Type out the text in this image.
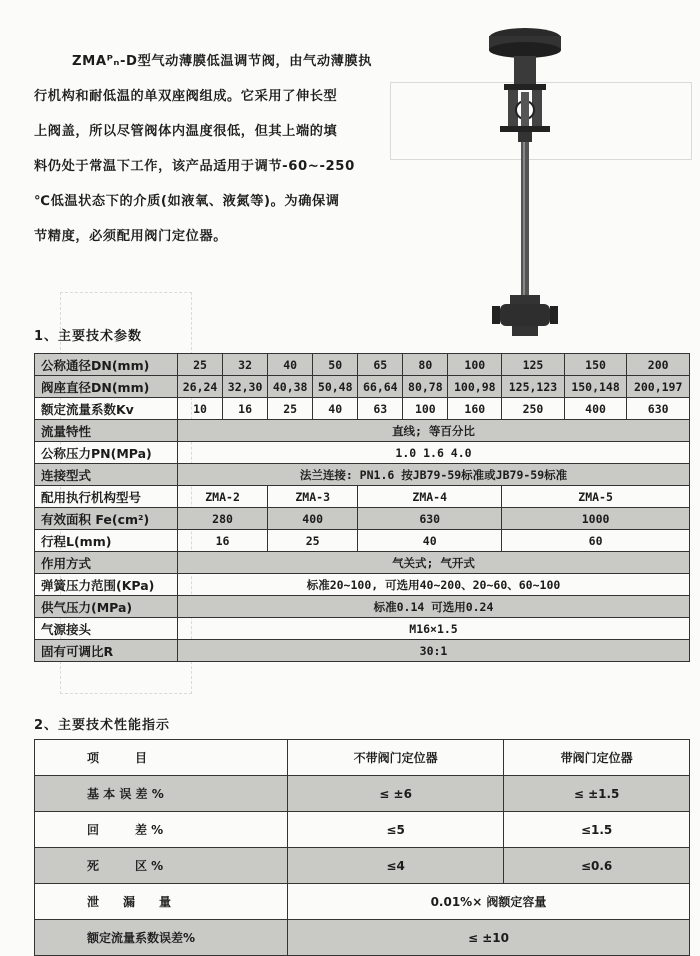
ZMAᴾₙ-D型气动薄膜低温调节阀，由气动薄膜执

行机构和耐低温的单双座阀组成。它采用了伸长型

上阀盖，所以尽管阀体内温度很低，但其上端的填

料仍处于常温下工作，该产品适用于调节-60~-250

℃低温状态下的介质(如液氧、液氮等)。为确保调

节精度，必须配用阀门定位器。

1、主要技术参数
公称通径DN(mm)	25	32	40	50	65	80	100	125	150	200
阀座直径DN(mm)	26,24	32,30	40,38	50,48	66,64	80,78	100,98	125,123	150,148	200,197
额定流量系数Kv	10	16	25	40	63	100	160	250	400	630
流量特性	直线; 等百分比									
公称压力PN(MPa)	1.0 1.6 4.0									
连接型式	法兰连接: PN1.6 按JB79-59标准或JB79-59标准									
配用执行机构型号	ZMA-2		ZMA-3		ZMA-4			ZMA-5		
有效面积 Fe(cm²)	280		400		630			1000		
行程L(mm)	16		25		40			60		
作用方式	气关式; 气开式									
弹簧压力范围(KPa)	标准20~100, 可选用40~200、20~60、60~100									
供气压力(MPa)	标准0.14 可选用0.24									
气源接头	M16×1.5									
固有可调比R	30:1									
2、主要技术性能指示
项　　　目	不带阀门定位器	带阀门定位器
基 本 误 差 %	≤ ±6	≤ ±1.5
回　　　差 %	≤5	≤1.5
死　　　区 %	≤4	≤0.6
泄　　漏　　量	0.01%× 阀额定容量	
额定流量系数误差%	≤ ±10	
